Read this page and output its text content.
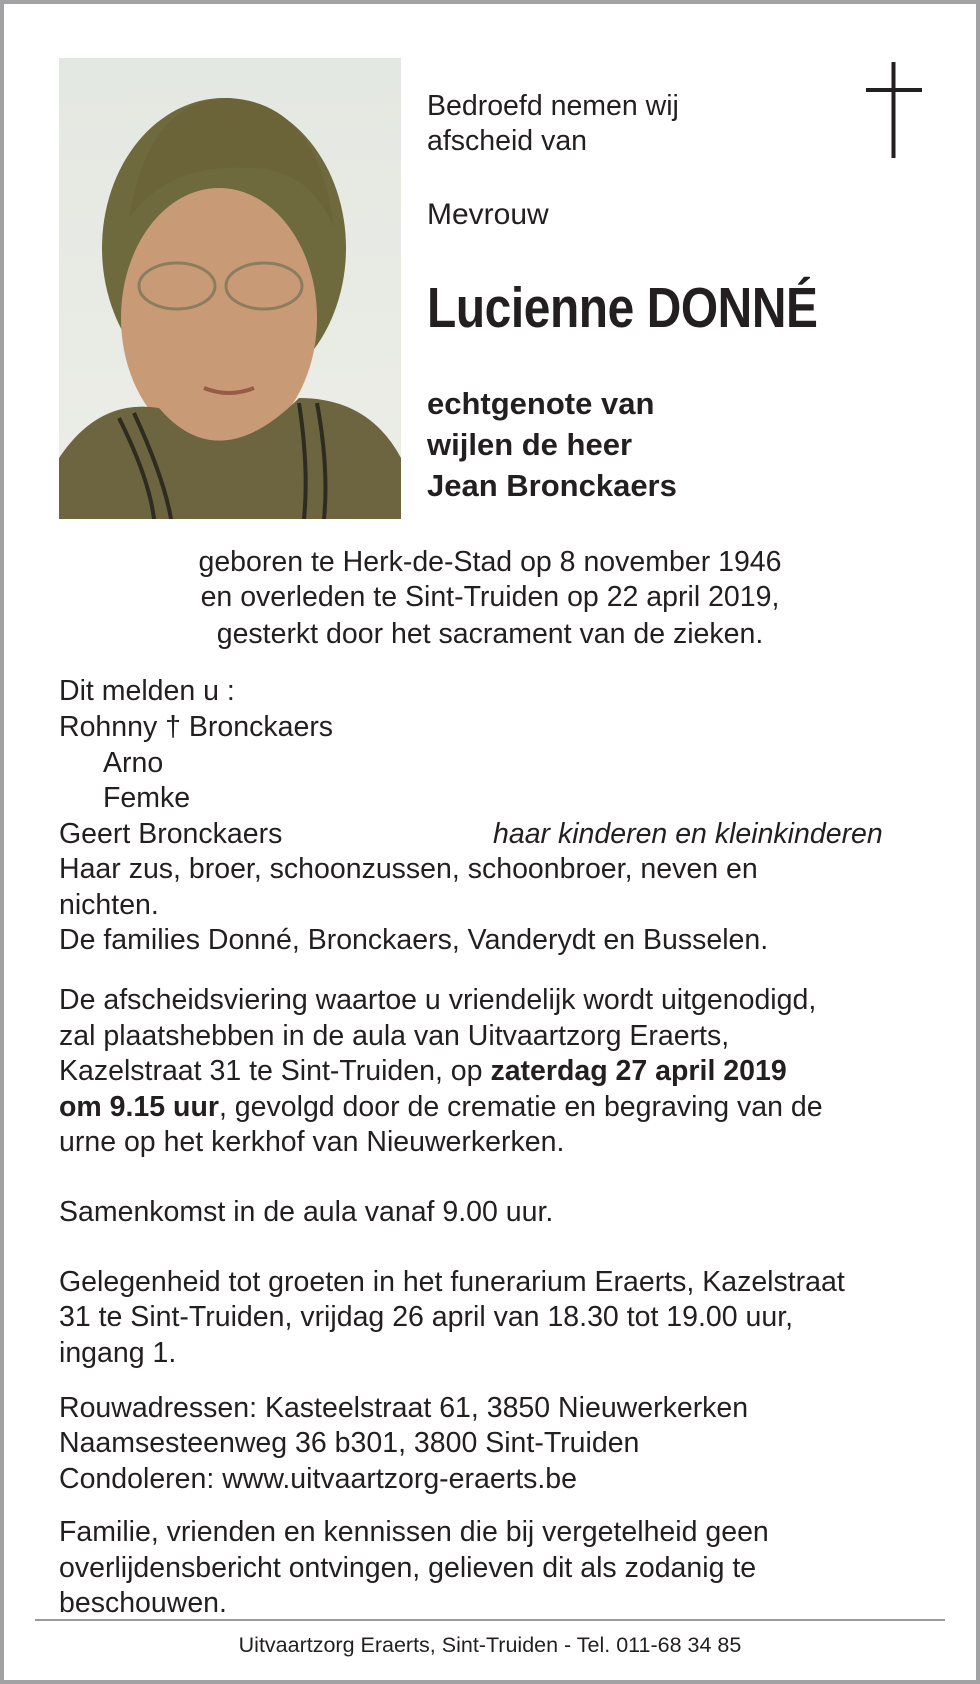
Bedroefd nemen wij
afscheid van
Mevrouw
Lucienne DONNÉ
echtgenote van
wijlen de heer
Jean Bronckaers
geboren te Herk-de-Stad op 8 november 1946
en overleden te Sint-Truiden op 22 april 2019,
gesterkt door het sacrament van de zieken.
Dit melden u :
Rohnny † Bronckaers
Arno
Femke
Geert Bronckaers	haar kinderen en kleinkinderen
Haar zus, broer, schoonzussen, schoonbroer, neven en
nichten.
De families Donné, Bronckaers, Vanderydt en Busselen.
De afscheidsviering waartoe u vriendelijk wordt uitgenodigd,
zal plaatshebben in de aula van Uitvaartzorg Eraerts,
Kazelstraat 31 te Sint-Truiden, op zaterdag 27 april 2019
om 9.15 uur, gevolgd door de crematie en begraving van de
urne op het kerkhof van Nieuwerkerken.
Samenkomst in de aula vanaf 9.00 uur.
Gelegenheid tot groeten in het funerarium Eraerts, Kazelstraat
31 te Sint-Truiden, vrijdag 26 april van 18.30 tot 19.00 uur,
ingang 1.
Rouwadressen: Kasteelstraat 61, 3850 Nieuwerkerken
Naamsesteenweg 36 b301, 3800 Sint-Truiden
Condoleren: www.uitvaartzorg-eraerts.be
Familie, vrienden en kennissen die bij vergetelheid geen
overlijdensbericht ontvingen, gelieven dit als zodanig te
beschouwen.
Uitvaartzorg Eraerts, Sint-Truiden - Tel. 011-68 34 85
